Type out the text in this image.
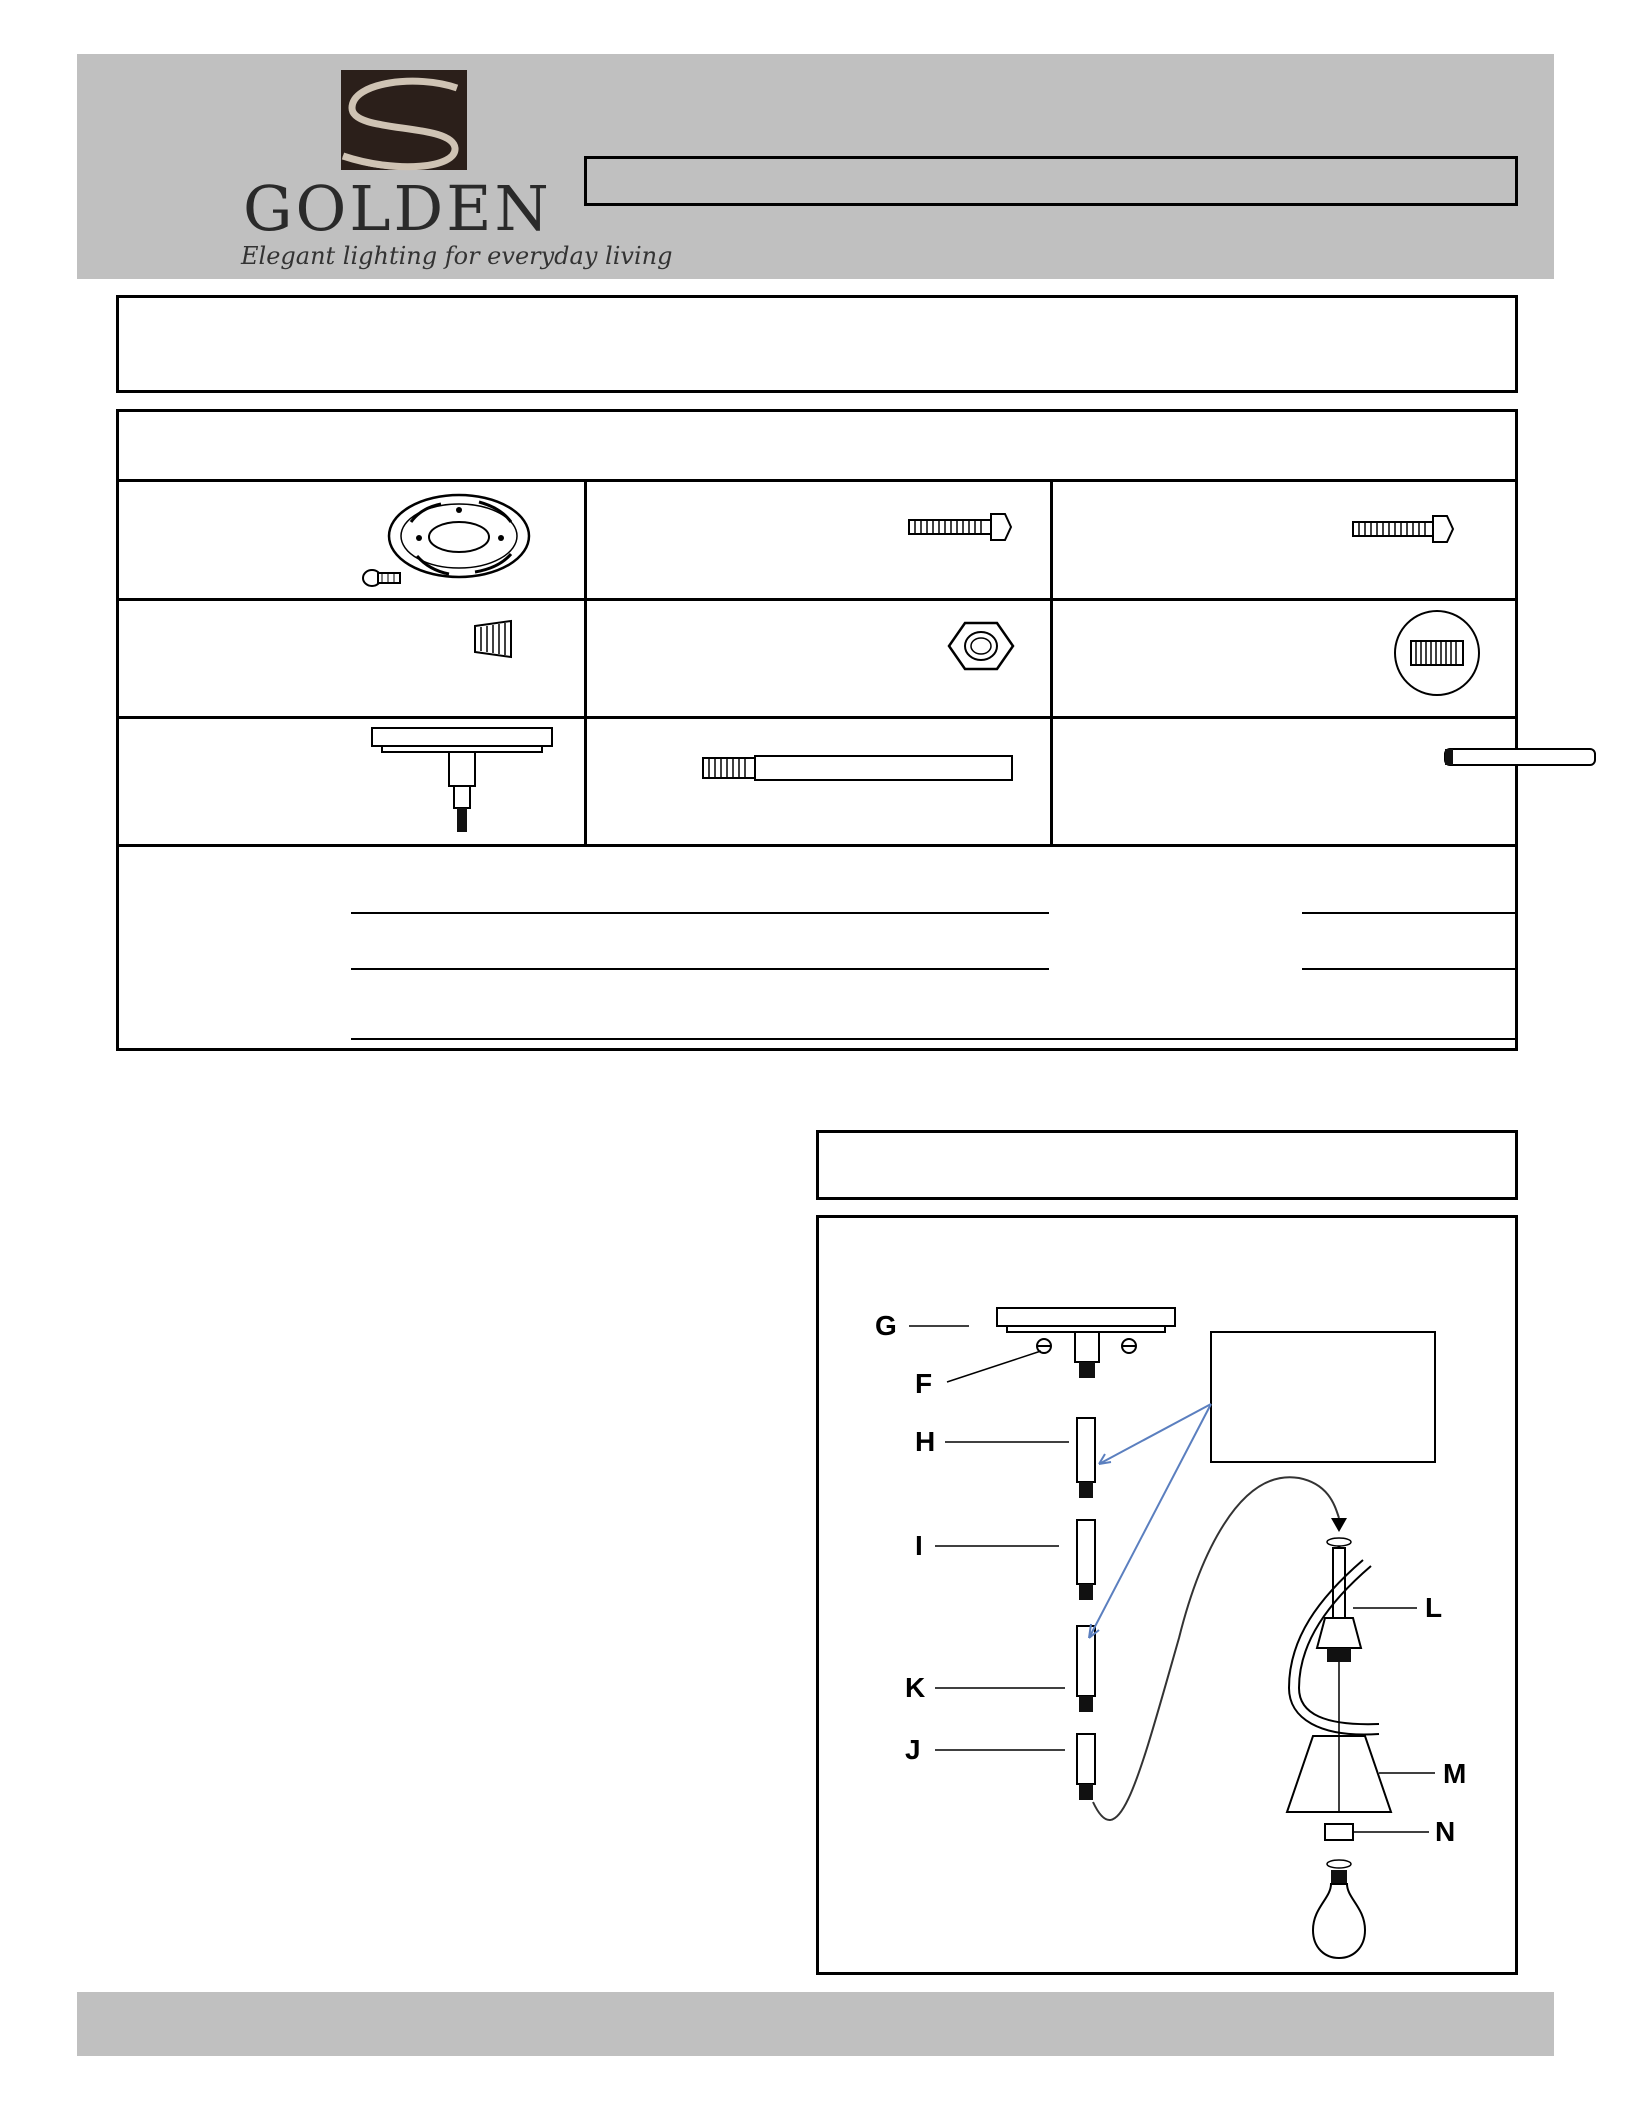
GOLDEN
Elegant lighting for everyday living
G
F
H
I
K
J
L
M
N
